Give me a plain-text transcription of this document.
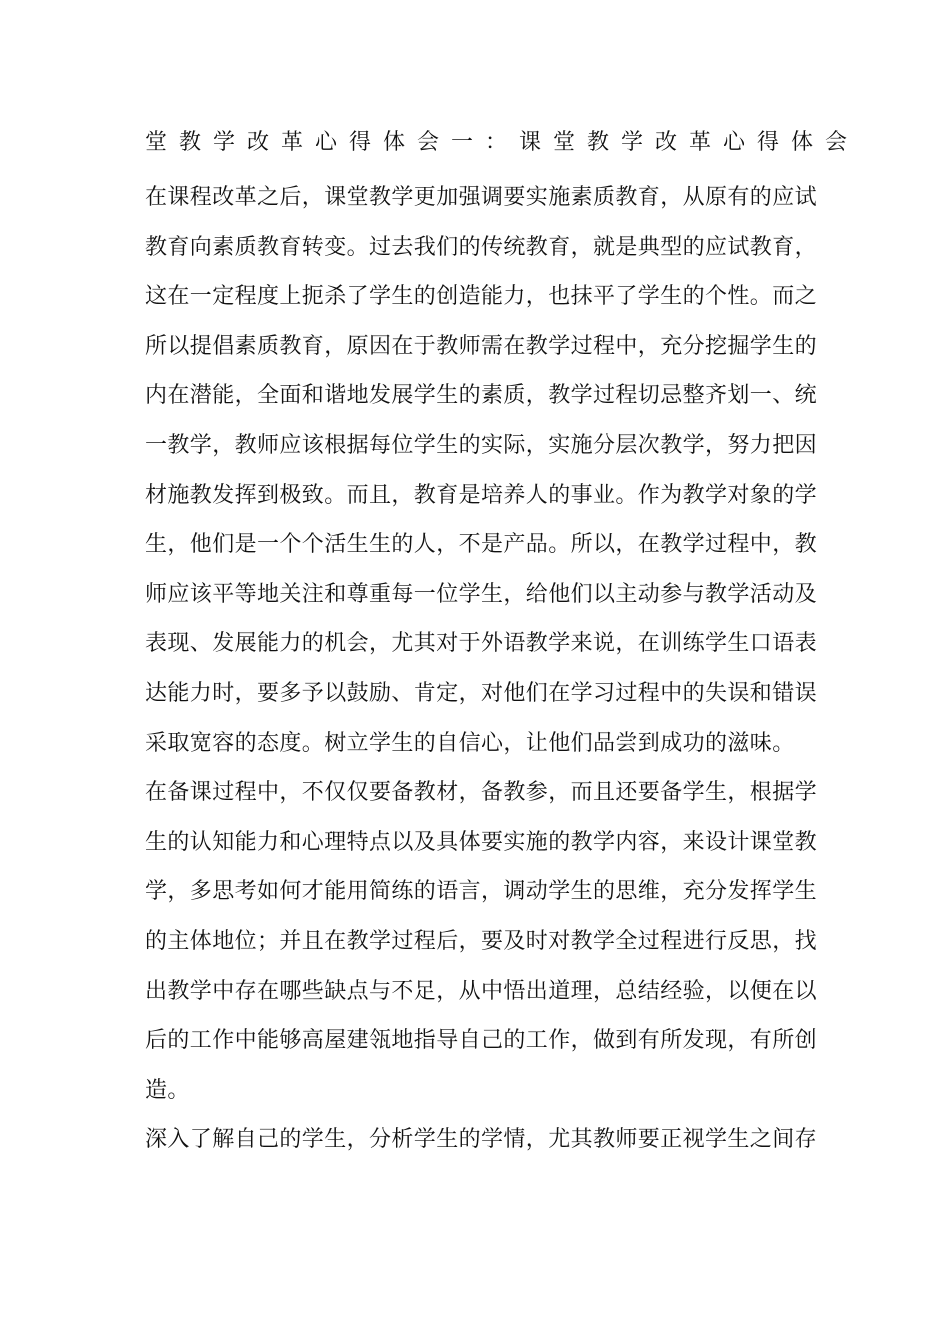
堂教学改革心得体会一：课堂教学改革心得体会
在课程改革之后，课堂教学更加强调要实施素质教育，从原有的应试
教育向素质教育转变。过去我们的传统教育，就是典型的应试教育，
这在一定程度上扼杀了学生的创造能力，也抹平了学生的个性。而之
所以提倡素质教育，原因在于教师需在教学过程中，充分挖掘学生的
内在潜能，全面和谐地发展学生的素质，教学过程切忌整齐划一、统
一教学，教师应该根据每位学生的实际，实施分层次教学，努力把因
材施教发挥到极致。而且，教育是培养人的事业。作为教学对象的学
生，他们是一个个活生生的人，不是产品。所以，在教学过程中，教
师应该平等地关注和尊重每一位学生，给他们以主动参与教学活动及
表现、发展能力的机会，尤其对于外语教学来说，在训练学生口语表
达能力时，要多予以鼓励、肯定，对他们在学习过程中的失误和错误
采取宽容的态度。树立学生的自信心，让他们品尝到成功的滋味。
在备课过程中，不仅仅要备教材，备教参，而且还要备学生，根据学
生的认知能力和心理特点以及具体要实施的教学内容，来设计课堂教
学，多思考如何才能用简练的语言，调动学生的思维，充分发挥学生
的主体地位；并且在教学过程后，要及时对教学全过程进行反思，找
出教学中存在哪些缺点与不足，从中悟出道理，总结经验，以便在以
后的工作中能够高屋建瓴地指导自己的工作，做到有所发现，有所创
造。
深入了解自己的学生，分析学生的学情，尤其教师要正视学生之间存
